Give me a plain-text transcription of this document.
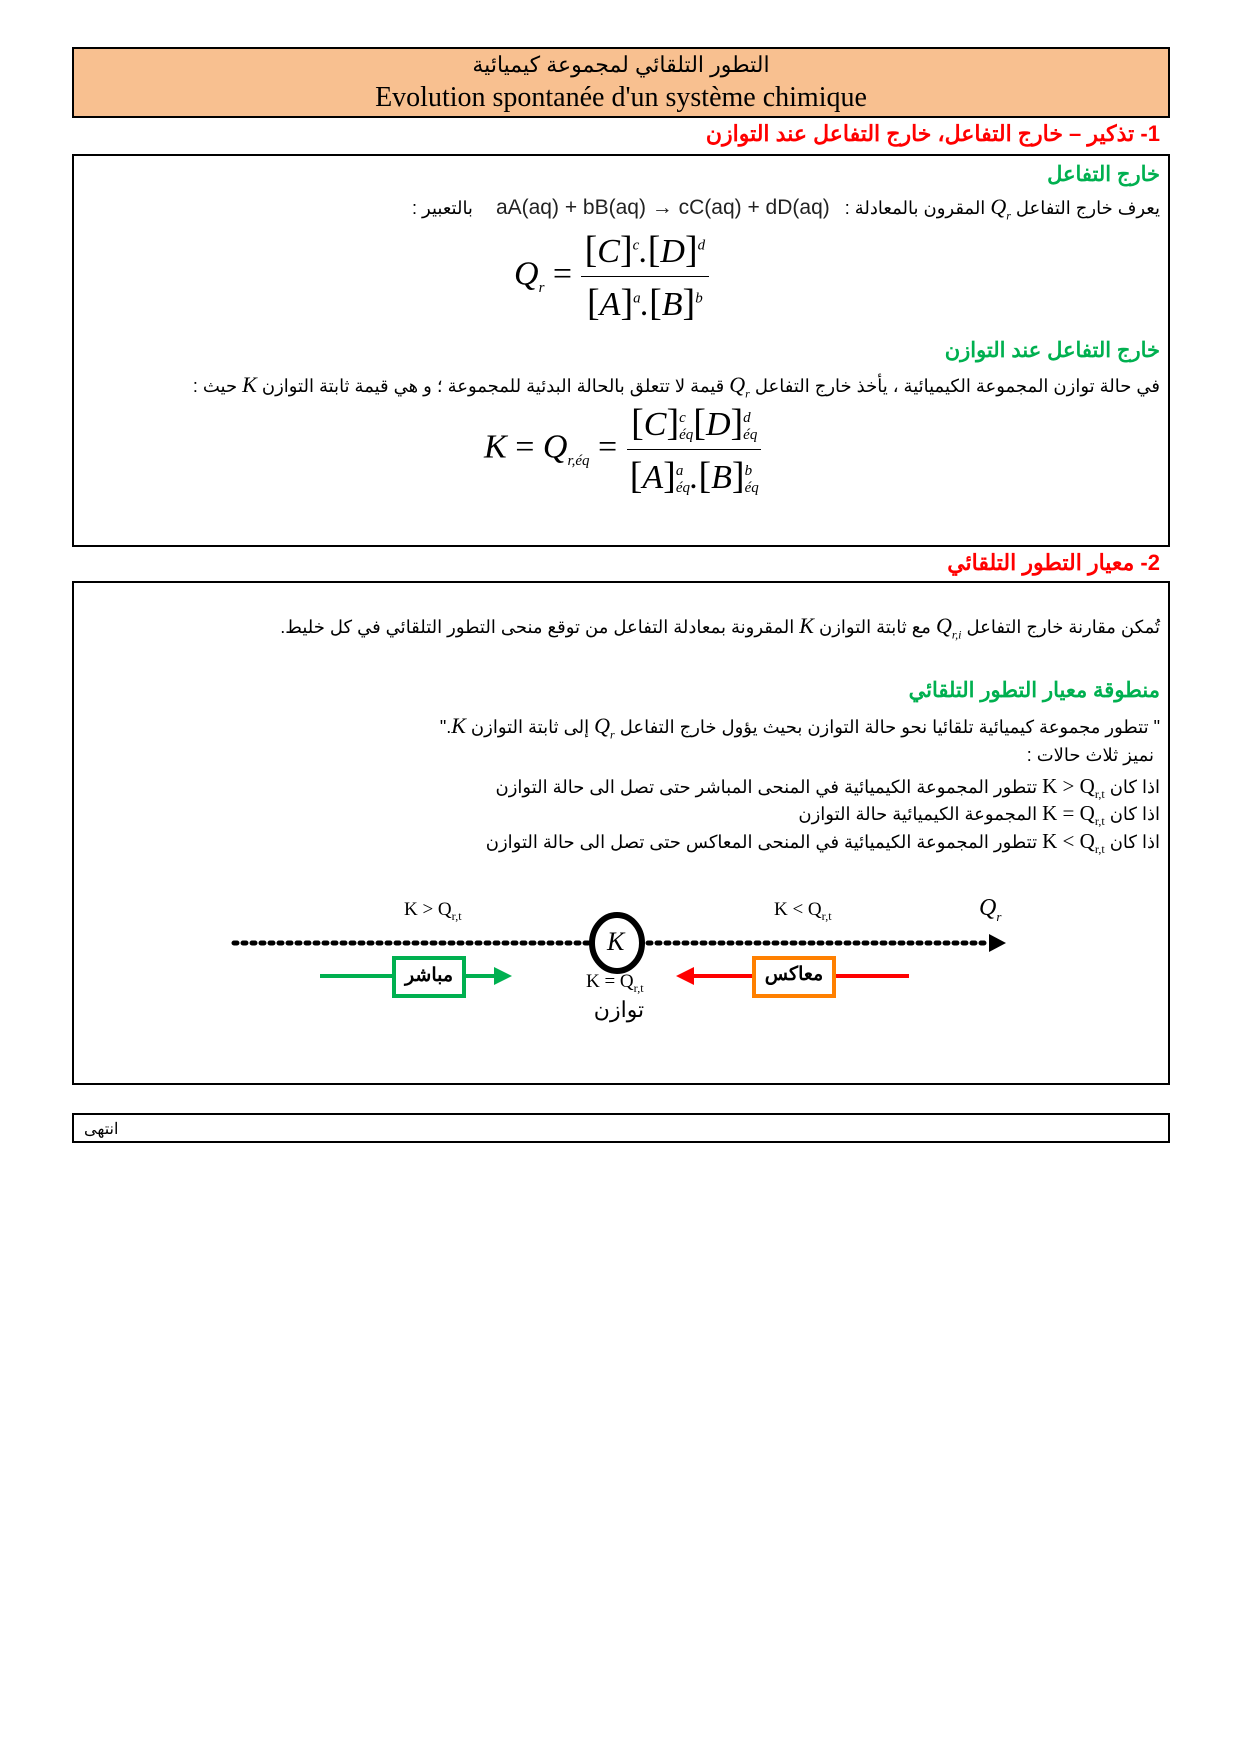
التطور التلقائي لمجموعة كيميائية
Evolution spontanée d'un système chimique
1- تذكير – خارج التفاعل، خارج التفاعل عند التوازن
خارج التفاعل
يعرف خارج التفاعل $Q_r$ المقرون بالمعادلة : aA(aq) + bB(aq) → cC(aq) + dD(aq) بالتعبير :
$Q_r = \frac{[C]^c.[D]^d}{[A]^a.[B]^b}$
خارج التفاعل عند التوازن
في حالة توازن المجموعة الكيميائية ، يأخذ خارج التفاعل $Q_r$ قيمة لا تتعلق بالحالة البدئية للمجموعة ؛ و هي قيمة ثابتة التوازن K حيث :
$K = Q_{r,éq} = [C]$ c
éq [D] d
éq
[A] a
éq .[B] b
éq
2- معيار التطور التلقائي
تُمكن مقارنة خارج التفاعل $Q_{r,i}$ مع ثابتة التوازن K المقرونة بمعادلة التفاعل من توقع منحى التطور التلقائي في كل خليط.
منطوقة معيار التطور التلقائي
" تتطور مجموعة كيميائية تلقائيا نحو حالة التوازن بحيث يؤول خارج التفاعل $Q_r$ إلى ثابتة التوازن K."
نميز ثلاث حالات :
اذا كان $K > Q_{r,t}$ تتطور المجموعة الكيميائية في المنحى المباشر حتى تصل الى حالة التوازن
اذا كان $K = Q_{r,t}$ المجموعة الكيميائية حالة التوازن
اذا كان $K < Q_{r,t}$ تتطور المجموعة الكيميائية في المنحى المعاكس حتى تصل الى حالة التوازن
$K > Q_{r,t}$	$K < Q_{r,t}$	$Q_r$
K
مباشر	معاكس
$K = Q_{r,t}$
توازن
انتهى
